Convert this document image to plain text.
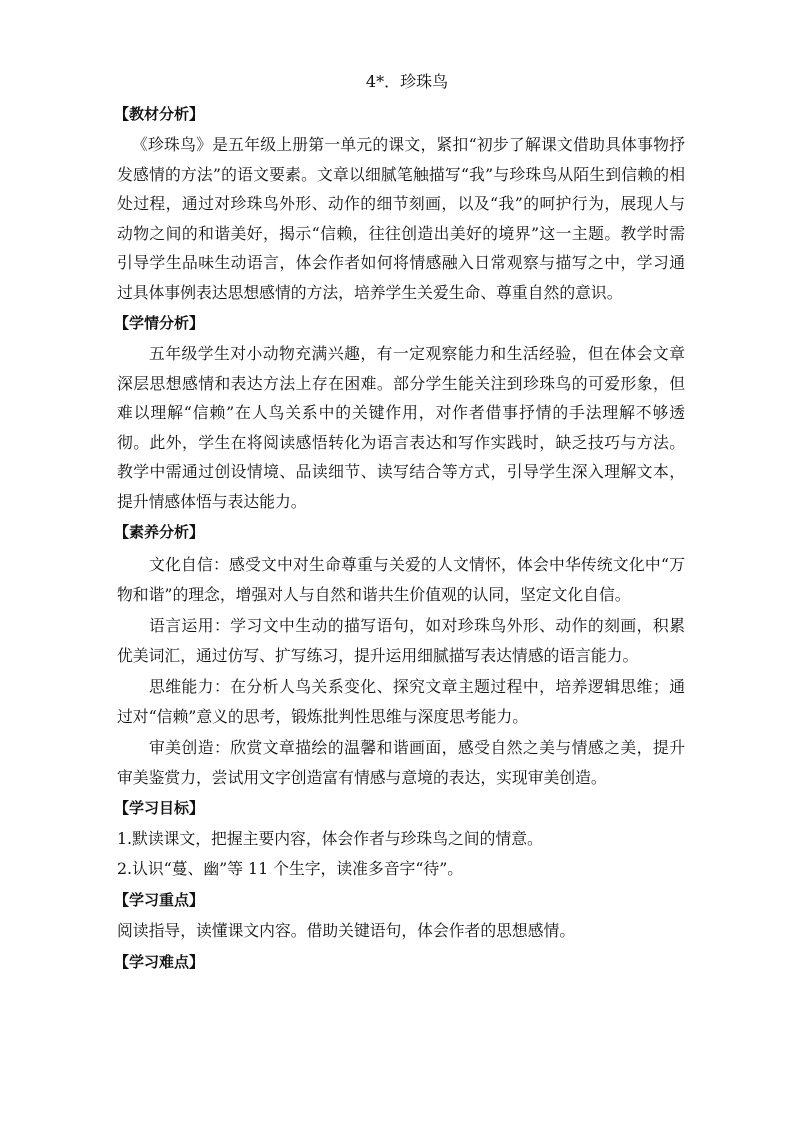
4*．珍珠鸟
【教材分析】

《珍珠鸟》是五年级上册第一单元的课文，紧扣“初步了解课文借助具体事物抒发感情的方法”的语文要素。文章以细腻笔触描写“我”与珍珠鸟从陌生到信赖的相处过程，通过对珍珠鸟外形、动作的细节刻画，以及“我”的呵护行为，展现人与动物之间的和谐美好，揭示“信赖，往往创造出美好的境界”这一主题。教学时需引导学生品味生动语言，体会作者如何将情感融入日常观察与描写之中，学习通过具体事例表达思想感情的方法，培养学生关爱生命、尊重自然的意识。

【学情分析】

五年级学生对小动物充满兴趣，有一定观察能力和生活经验，但在体会文章深层思想感情和表达方法上存在困难。部分学生能关注到珍珠鸟的可爱形象，但难以理解“信赖”在人鸟关系中的关键作用，对作者借事抒情的手法理解不够透彻。此外，学生在将阅读感悟转化为语言表达和写作实践时，缺乏技巧与方法。教学中需通过创设情境、品读细节、读写结合等方式，引导学生深入理解文本，提升情感体悟与表达能力。

【素养分析】

文化自信：感受文中对生命尊重与关爱的人文情怀，体会中华传统文化中“万物和谐”的理念，增强对人与自然和谐共生价值观的认同，坚定文化自信。

语言运用：学习文中生动的描写语句，如对珍珠鸟外形、动作的刻画，积累优美词汇，通过仿写、扩写练习，提升运用细腻描写表达情感的语言能力。

思维能力：在分析人鸟关系变化、探究文章主题过程中，培养逻辑思维；通过对“信赖”意义的思考，锻炼批判性思维与深度思考能力。

审美创造：欣赏文章描绘的温馨和谐画面，感受自然之美与情感之美，提升审美鉴赏力，尝试用文字创造富有情感与意境的表达，实现审美创造。

【学习目标】

1.默读课文，把握主要内容，体会作者与珍珠鸟之间的情意。

2.认识“蔓、幽”等 11 个生字，读准多音字“待”。

【学习重点】

阅读指导，读懂课文内容。借助关键语句，体会作者的思想感情。

【学习难点】
